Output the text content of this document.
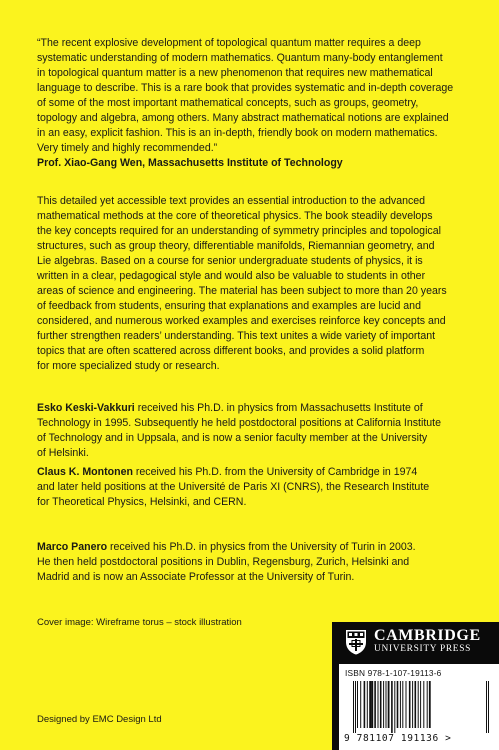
“The recent explosive development of topological quantum matter requires a deep
systematic understanding of modern mathematics. Quantum many-body entanglement
in topological quantum matter is a new phenomenon that requires new mathematical
language to describe. This is a rare book that provides systematic and in-depth coverage
of some of the most important mathematical concepts, such as groups, geometry,
topology and algebra, among others. Many abstract mathematical notions are explained
in an easy, explicit fashion. This is an in-depth, friendly book on modern mathematics.
Very timely and highly recommended.”
Prof. Xiao-Gang Wen, Massachusetts Institute of Technology

This detailed yet accessible text provides an essential introduction to the advanced
mathematical methods at the core of theoretical physics. The book steadily develops
the key concepts required for an understanding of symmetry principles and topological
structures, such as group theory, differentiable manifolds, Riemannian geometry, and
Lie algebras. Based on a course for senior undergraduate students of physics, it is
written in a clear, pedagogical style and would also be valuable to students in other
areas of science and engineering. The material has been subject to more than 20 years
of feedback from students, ensuring that explanations and examples are lucid and
considered, and numerous worked examples and exercises reinforce key concepts and
further strengthen readers’ understanding. This text unites a wide variety of important
topics that are often scattered across different books, and provides a solid platform
for more specialized study or research.

Esko Keski-Vakkuri received his Ph.D. in physics from Massachusetts Institute of
Technology in 1995. Subsequently he held postdoctoral positions at California Institute
of Technology and in Uppsala, and is now a senior faculty member at the University
of Helsinki.

Claus K. Montonen received his Ph.D. from the University of Cambridge in 1974
and later held positions at the Université de Paris XI (CNRS), the Research Institute
for Theoretical Physics, Helsinki, and CERN.

Marco Panero received his Ph.D. in physics from the University of Turin in 2003.
He then held postdoctoral positions in Dublin, Regensburg, Zurich, Helsinki and
Madrid and is now an Associate Professor at the University of Turin.

Cover image: Wireframe torus – stock illustration

Designed by EMC Design Ltd

CAMBRIDGE

UNIVERSITY PRESS

ISBN 978-1-107-19113-6

9 781107 191136 >
